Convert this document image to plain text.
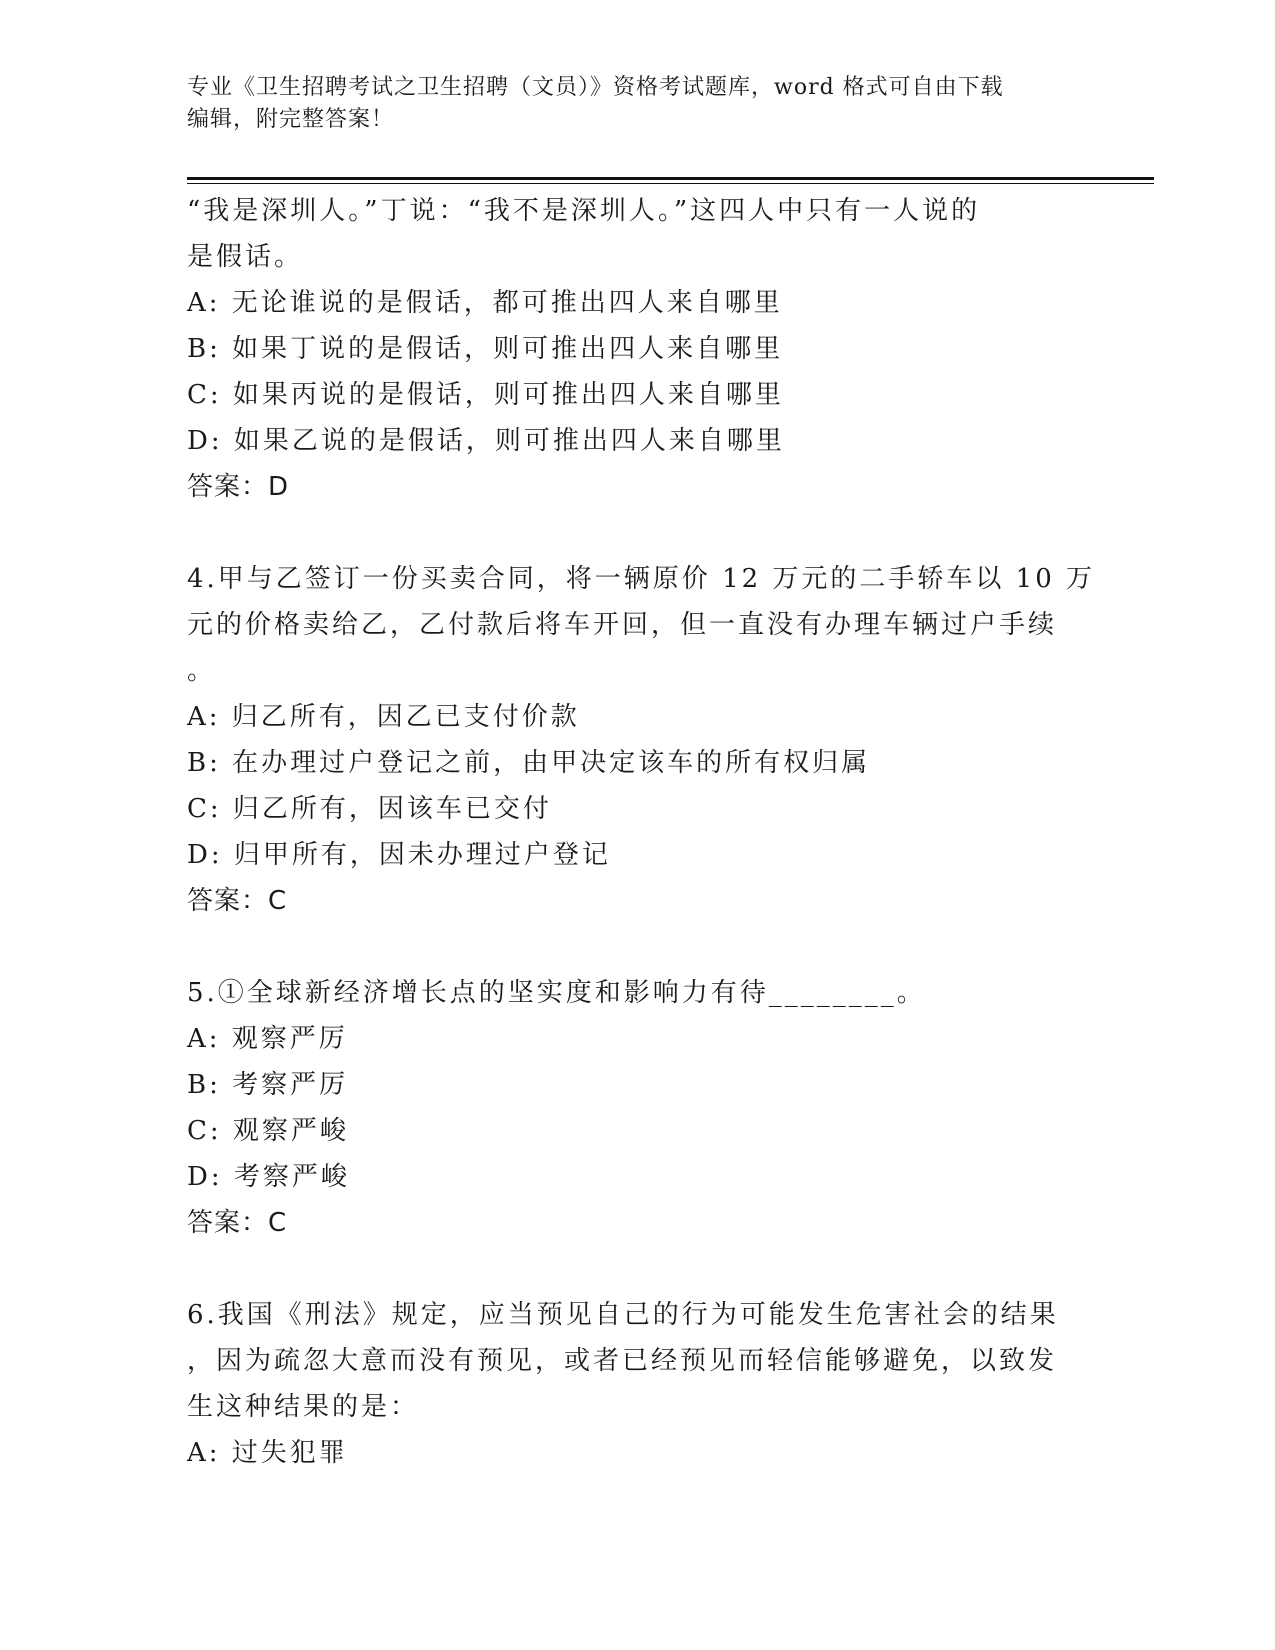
专业《卫生招聘考试之卫生招聘（文员）》资格考试题库，word 格式可自由下载
编辑，附完整答案！
“我是深圳人。”丁说：“我不是深圳人。”这四人中只有一人说的
是假话。
A: 无论谁说的是假话，都可推出四人来自哪里
B: 如果丁说的是假话，则可推出四人来自哪里
C: 如果丙说的是假话，则可推出四人来自哪里
D: 如果乙说的是假话，则可推出四人来自哪里
答案：D
4.甲与乙签订一份买卖合同，将一辆原价 12 万元的二手轿车以 10 万
元的价格卖给乙，乙付款后将车开回，但一直没有办理车辆过户手续
。
A: 归乙所有，因乙已支付价款
B: 在办理过户登记之前，由甲决定该车的所有权归属
C: 归乙所有，因该车已交付
D: 归甲所有，因未办理过户登记
答案：C
5.①全球新经济增长点的坚实度和影响力有待________。
A: 观察严厉
B: 考察严厉
C: 观察严峻
D: 考察严峻
答案：C
6.我国《刑法》规定，应当预见自己的行为可能发生危害社会的结果
，因为疏忽大意而没有预见，或者已经预见而轻信能够避免，以致发
生这种结果的是：
A: 过失犯罪
